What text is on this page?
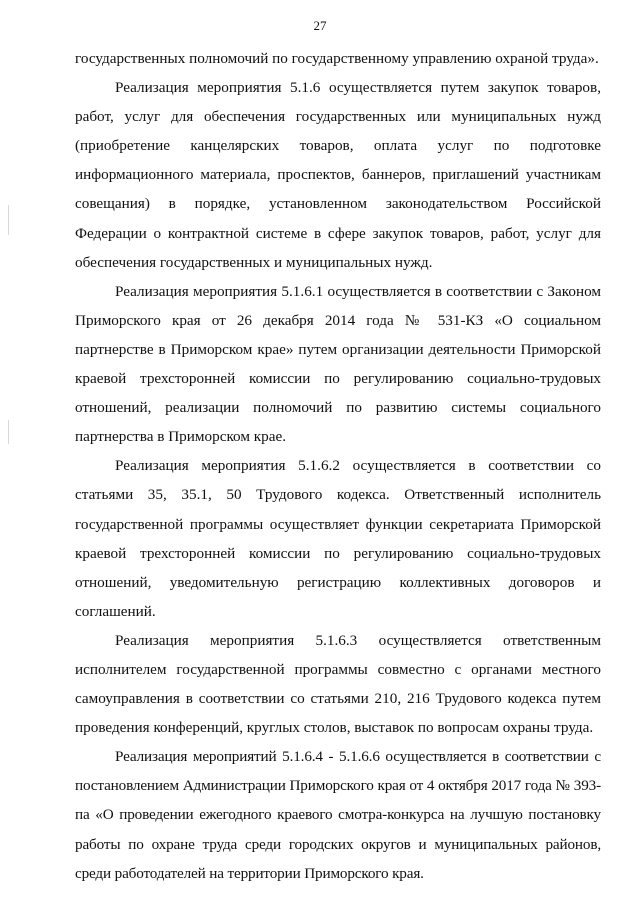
27

государственных полномочий по государственному управлению охраной труда».

Реализация мероприятия 5.1.6 осуществляется путем закупок товаров, работ, услуг для обеспечения государственных или муниципальных нужд (приобретение канцелярских товаров, оплата услуг по подготовке информационного материала, проспектов, баннеров, приглашений участникам совещания) в порядке, установленном законодательством Российской Федерации о контрактной системе в сфере закупок товаров, работ, услуг для обеспечения государственных и муниципальных нужд.

Реализация мероприятия 5.1.6.1 осуществляется в соответствии с Законом Приморского края от 26 декабря 2014 года № 531-КЗ «О социальном партнерстве в Приморском крае» путем организации деятельности Приморской краевой трехсторонней комиссии по регулированию социально-трудовых отношений, реализации полномочий по развитию системы социального партнерства в Приморском крае.

Реализация мероприятия 5.1.6.2 осуществляется в соответствии со статьями 35, 35.1, 50 Трудового кодекса. Ответственный исполнитель государственной программы осуществляет функции секретариата Приморской краевой трехсторонней комиссии по регулированию социально-трудовых отношений, уведомительную регистрацию коллективных договоров и соглашений.

Реализация мероприятия 5.1.6.3 осуществляется ответственным исполнителем государственной программы совместно с органами местного самоуправления в соответствии со статьями 210, 216 Трудового кодекса путем проведения конференций, круглых столов, выставок по вопросам охраны труда.

Реализация мероприятий 5.1.6.4 - 5.1.6.6 осуществляется в соответствии с постановлением Администрации Приморского края от 4 октября 2017 года № 393-па «О проведении ежегодного краевого смотра-конкурса на лучшую постановку работы по охране труда среди городских округов и муниципальных районов, среди работодателей на территории Приморского края.
